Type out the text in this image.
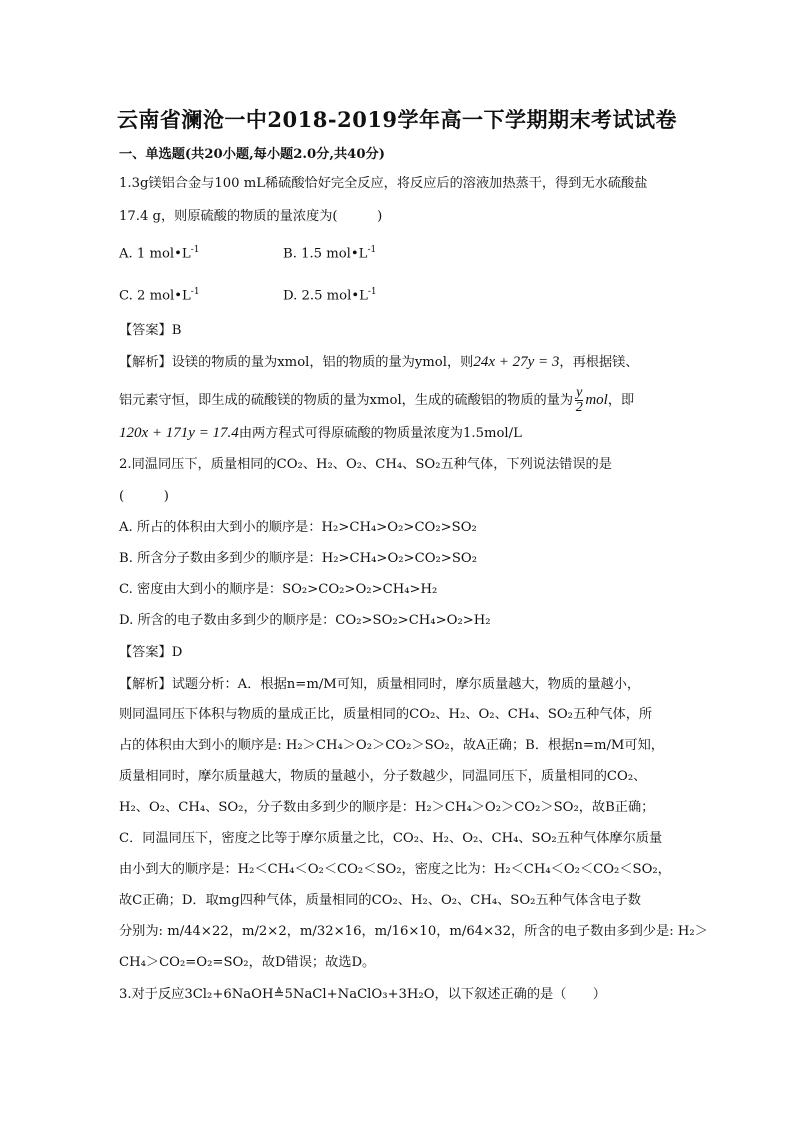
云南省澜沧一中2018-2019学年高一下学期期末考试试卷
一、单选题(共20小题,每小题2.0分,共40分)
1.3g镁铝合金与100 mL稀硫酸恰好完全反应，将反应后的溶液加热蒸干，得到无水硫酸盐
17.4 g，则原硫酸的物质的量浓度为(　　　)
A. 1 $mol•L^{-1}$	B. 1.5 $mol•L^{-1}$
C. 2 $mol•L^{-1}$	D. 2.5 $mol•L^{-1}$
【答案】B
【解析】设镁的物质的量为xmol，铝的物质的量为ymol，则24x + 27y = 3，再根据镁、
铝元素守恒，即生成的硫酸镁的物质的量为xmol，生成的硫酸铝的物质的量为 $\frac{y}{2}$ mol，即
120x + 171y = 17.4由两方程式可得原硫酸的物质量浓度为1.5mol/L
2.同温同压下，质量相同的CO₂、H₂、O₂、CH₄、SO₂五种气体，下列说法错误的是
(　　　)
A. 所占的体积由大到小的顺序是：H₂>CH₄>O₂>CO₂>SO₂
B. 所含分子数由多到少的顺序是：H₂>CH₄>O₂>CO₂>SO₂
C. 密度由大到小的顺序是：SO₂>CO₂>O₂>CH₄>H₂
D. 所含的电子数由多到少的顺序是：CO₂>SO₂>CH₄>O₂>H₂
【答案】D
【解析】试题分析：A．根据n=m/M可知，质量相同时，摩尔质量越大，物质的量越小，
则同温同压下体积与物质的量成正比，质量相同的CO₂、H₂、O₂、CH₄、SO₂五种气体，所
占的体积由大到小的顺序是: H₂＞CH₄＞O₂＞CO₂＞SO₂，故A正确；B．根据n=m/M可知，
质量相同时，摩尔质量越大，物质的量越小，分子数越少，同温同压下，质量相同的CO₂、
H₂、O₂、CH₄、SO₂，分子数由多到少的顺序是：H₂＞CH₄＞O₂＞CO₂＞SO₂，故B正确；
C．同温同压下，密度之比等于摩尔质量之比，CO₂、H₂、O₂、CH₄、SO₂五种气体摩尔质量
由小到大的顺序是：H₂＜CH₄＜O₂＜CO₂＜SO₂，密度之比为：H₂＜CH₄＜O₂＜CO₂＜SO₂，
故C正确；D．取mg四种气体，质量相同的CO₂、H₂、O₂、CH₄、SO₂五种气体含电子数
分别为: m/44×22，m/2×2，m/32×16，m/16×10，m/64×32，所含的电子数由多到少是: H₂＞
CH₄＞CO₂=O₂=SO₂，故D错误；故选D。
3.对于反应3Cl₂+6NaOH≜5NaCl+NaClO₃+3H₂O，以下叙述正确的是（　　）
